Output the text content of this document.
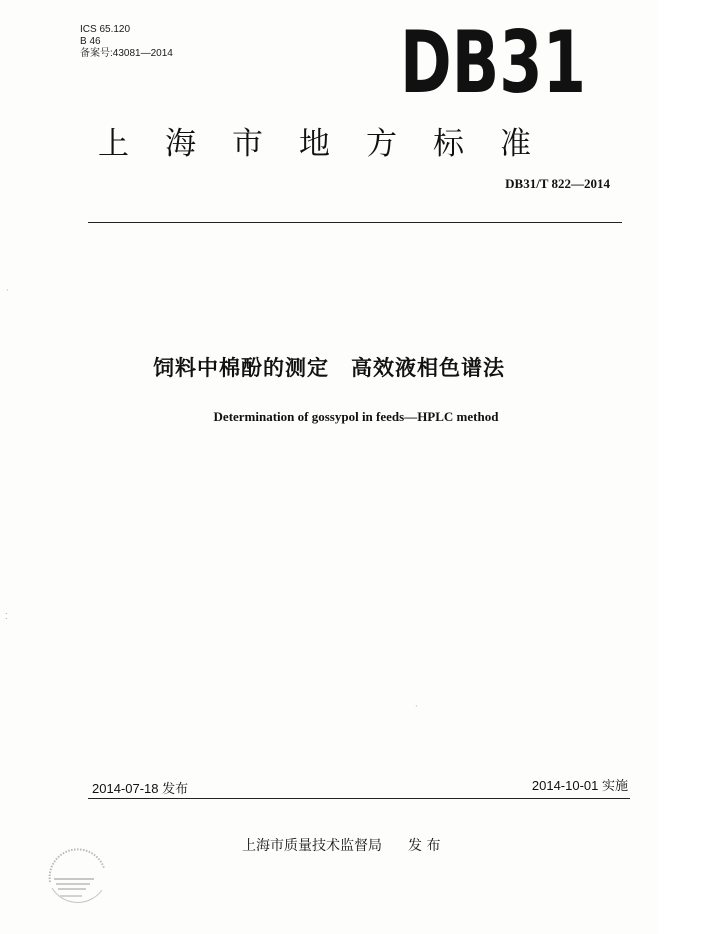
ICS 65.120
B 46
备案号:43081—2014	DB31
上海市地方标准
DB31/T 822—2014
饲料中棉酚的测定　高效液相色谱法
Determination of gossypol in feeds—HPLC method
2014-07-18 发布	2014-10-01 实施
上海市质量技术监督局 发 布
·
⁚
·
